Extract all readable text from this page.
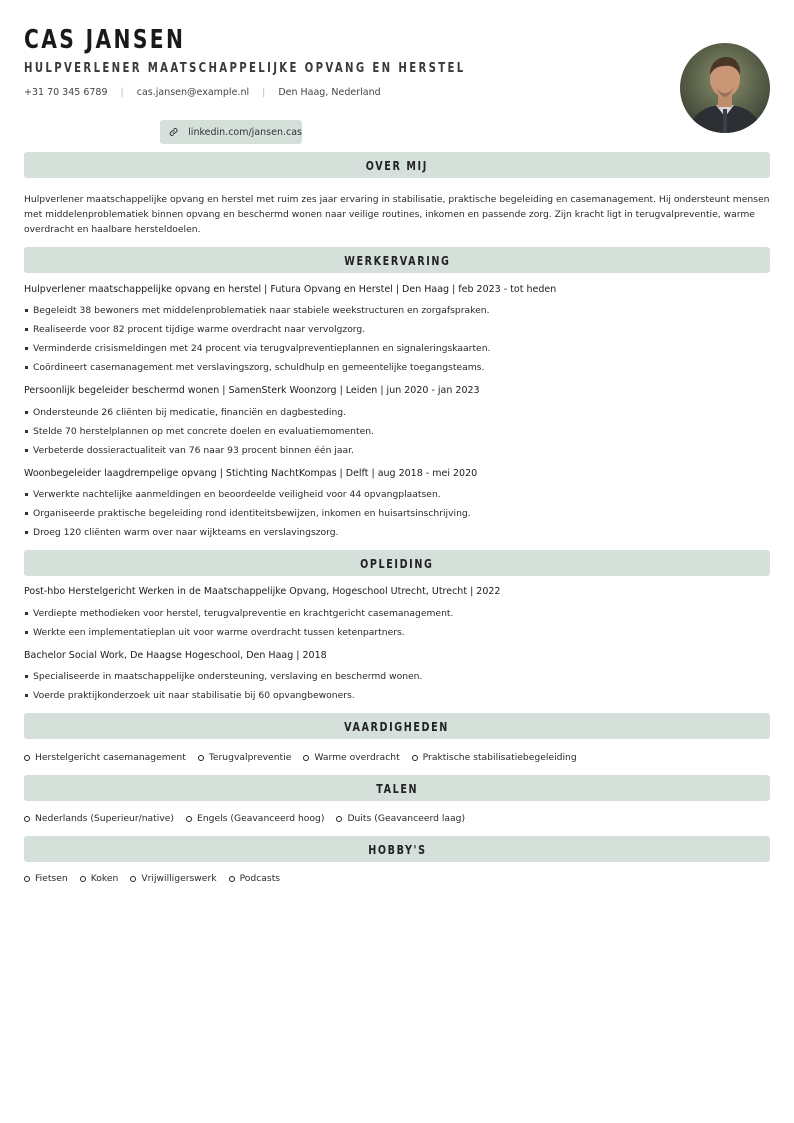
CAS JANSEN
HULPVERLENER MAATSCHAPPELIJKE OPVANG EN HERSTEL
+31 70 345 6789 | cas.jansen@example.nl | Den Haag, Nederland
linkedin.com/jansen.cas
OVER MIJ

Hulpverlener maatschappelijke opvang en herstel met ruim zes jaar ervaring in stabilisatie, praktische begeleiding en casemanagement. Hij ondersteunt mensen met middelenproblematiek binnen opvang en beschermd wonen naar veilige routines, inkomen en passende zorg. Zijn kracht ligt in terugvalpreventie, warme overdracht en haalbare hersteldoelen.

WERKERVARING
Hulpverlener maatschappelijke opvang en herstel | Futura Opvang en Herstel | Den Haag | feb 2023 - tot heden
Begeleidt 38 bewoners met middelenproblematiek naar stabiele weekstructuren en zorgafspraken.
Realiseerde voor 82 procent tijdige warme overdracht naar vervolgzorg.
Verminderde crisismeldingen met 24 procent via terugvalpreventieplannen en signaleringskaarten.
Coördineert casemanagement met verslavingszorg, schuldhulp en gemeentelijke toegangsteams.
Persoonlijk begeleider beschermd wonen | SamenSterk Woonzorg | Leiden | jun 2020 - jan 2023
Ondersteunde 26 cliënten bij medicatie, financiën en dagbesteding.
Stelde 70 herstelplannen op met concrete doelen en evaluatiemomenten.
Verbeterde dossieractualiteit van 76 naar 93 procent binnen één jaar.
Woonbegeleider laagdrempelige opvang | Stichting NachtKompas | Delft | aug 2018 - mei 2020
Verwerkte nachtelijke aanmeldingen en beoordeelde veiligheid voor 44 opvangplaatsen.
Organiseerde praktische begeleiding rond identiteitsbewijzen, inkomen en huisartsinschrijving.
Droeg 120 cliënten warm over naar wijkteams en verslavingszorg.
OPLEIDING
Post-hbo Herstelgericht Werken in de Maatschappelijke Opvang, Hogeschool Utrecht, Utrecht | 2022
Verdiepte methodieken voor herstel, terugvalpreventie en krachtgericht casemanagement.
Werkte een implementatieplan uit voor warme overdracht tussen ketenpartners.
Bachelor Social Work, De Haagse Hogeschool, Den Haag | 2018
Specialiseerde in maatschappelijke ondersteuning, verslaving en beschermd wonen.
Voerde praktijkonderzoek uit naar stabilisatie bij 60 opvangbewoners.
VAARDIGHEDEN
Herstelgericht casemanagement	Terugvalpreventie	Warme overdracht	Praktische stabilisatiebegeleiding
TALEN
Nederlands (Superieur/native)	Engels (Geavanceerd hoog)	Duits (Geavanceerd laag)
HOBBY'S
Fietsen	Koken	Vrijwilligerswerk	Podcasts
